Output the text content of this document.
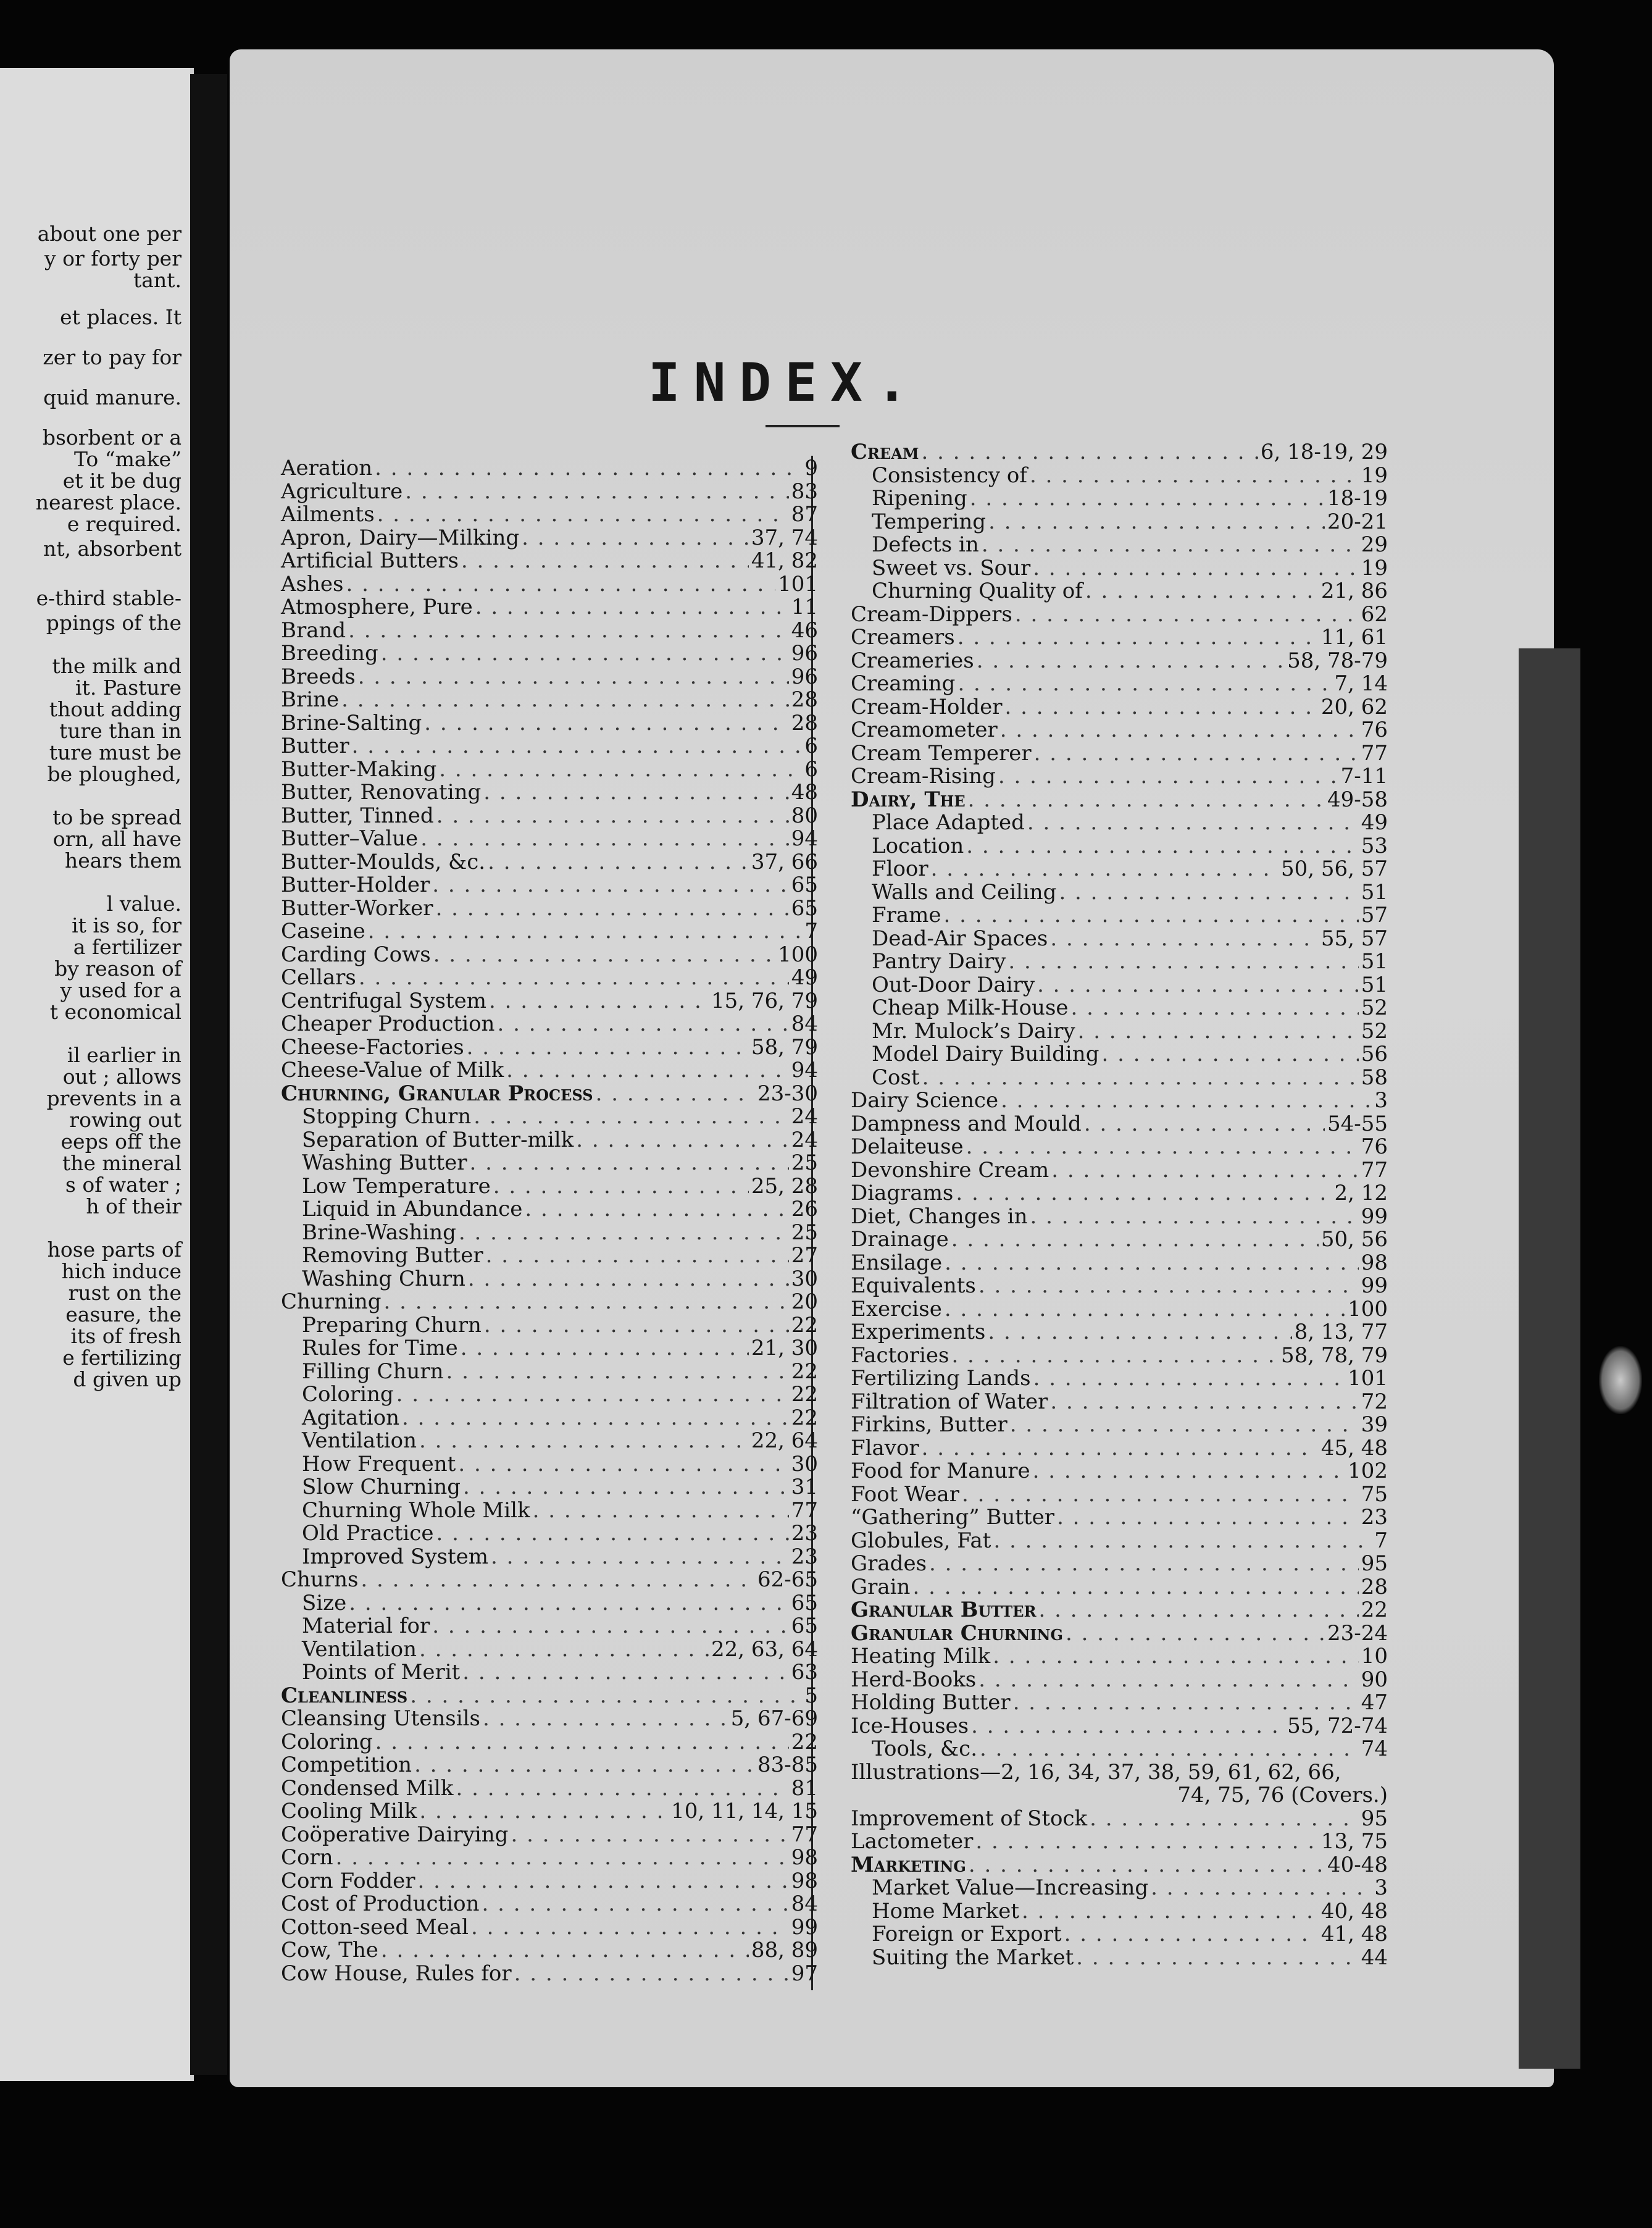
about one per
y or forty per
tant.
et places. It
zer to pay for
quid manure.
bsorbent or a
To “make”
et it be dug
nearest place.
e required.
nt, absorbent
e-third stable-
ppings of the
the milk and
it. Pasture
thout adding
ture than in
ture must be
be ploughed,
to be spread
orn, all have
hears them
l value.
it is so, for
a fertilizer
by reason of
y used for a
t economical
il earlier in
out ; allows
prevents in a
rowing out
eeps off the
the mineral
s of water ;
h of their
hose parts of
hich induce
rust on the
easure, the
its of fresh
e fertilizing
d given up
INDEX.
Aeration . . .	9
Agriculture . . .	83
Ailments . . .	87
Apron, Dairy—Milking . . .	37, 74
Artificial Butters . . .	41, 82
Ashes . . .	101
Atmosphere, Pure . . .	11
Brand . . .	46
Breeding . . .	96
Breeds . . .	96
Brine . . .	28
Brine-Salting . . .	28
Butter . . .	6
Butter-Making . . .	6
Butter, Renovating . . .	48
Butter, Tinned . . .	80
Butter–Value . . .	94
Butter-Moulds, &c. . . .	37, 66
Butter-Holder . . .	65
Butter-Worker . . .	65
Caseine . . .	7
Carding Cows . . .	100
Cellars . . .	49
Centrifugal System . . .	15, 76, 79
Cheaper Production . . .	84
Cheese-Factories . . .	58, 79
Cheese-Value of Milk . . .	94
Churning, Granular Process . . .	23-30
Stopping Churn . . .	24
Separation of Butter-milk . . .	24
Washing Butter . . .	25
Low Temperature . . .	25, 28
Liquid in Abundance . . .	26
Brine-Washing . . .	25
Removing Butter . . .	27
Washing Churn . . .	30
Churning . . .	20
Preparing Churn . . .	22
Rules for Time . . .	21, 30
Filling Churn . . .	22
Coloring . . .	22
Agitation . . .	22
Ventilation . . .	22, 64
How Frequent . . .	30
Slow Churning . . .	31
Churning Whole Milk . . .	77
Old Practice . . .	23
Improved System . . .	23
Churns . . .	62-65
Size . . .	65
Material for . . .	65
Ventilation . . .	22, 63, 64
Points of Merit . . .	63
Cleanliness . . .	5
Cleansing Utensils . . .	5, 67-69
Coloring . . .	22
Competition . . .	83-85
Condensed Milk . . .	81
Cooling Milk . . .	10, 11, 14, 15
Coöperative Dairying . . .	77
Corn . . .	98
Corn Fodder . . .	98
Cost of Production . . .	84
Cotton-seed Meal . . .	99
Cow, The . . .	88, 89
Cow House, Rules for . . .	97
Cream . . .	6, 18-19, 29
Consistency of . . .	19
Ripening . . .	18-19
Tempering . . .	20-21
Defects in . . .	29
Sweet vs. Sour . . .	19
Churning Quality of . . .	21, 86
Cream-Dippers . . .	62
Creamers . . .	11, 61
Creameries . . .	58, 78-79
Creaming . . .	7, 14
Cream-Holder . . .	20, 62
Creamometer . . .	76
Cream Temperer . . .	77
Cream-Rising . . .	7-11
Dairy, The . . .	49-58
Place Adapted . . .	49
Location . . .	53
Floor . . .	50, 56, 57
Walls and Ceiling . . .	51
Frame . . .	57
Dead-Air Spaces . . .	55, 57
Pantry Dairy . . .	51
Out-Door Dairy . . .	51
Cheap Milk-House . . .	52
Mr. Mulock’s Dairy . . .	52
Model Dairy Building . . .	56
Cost . . .	58
Dairy Science . . .	3
Dampness and Mould . . .	54-55
Delaiteuse . . .	76
Devonshire Cream . . .	77
Diagrams . . .	2, 12
Diet, Changes in . . .	99
Drainage . . .	50, 56
Ensilage . . .	98
Equivalents . . .	99
Exercise . . .	100
Experiments . . .	8, 13, 77
Factories . . .	58, 78, 79
Fertilizing Lands . . .	101
Filtration of Water . . .	72
Firkins, Butter . . .	39
Flavor . . .	45, 48
Food for Manure . . .	102
Foot Wear . . .	75
“Gathering” Butter . . .	23
Globules, Fat . . .	7
Grades . . .	95
Grain . . .	28
Granular Butter . . .	22
Granular Churning . . .	23-24
Heating Milk . . .	10
Herd-Books . . .	90
Holding Butter . . .	47
Ice-Houses . . .	55, 72-74
Tools, &c. . . .	74
Illustrations—2, 16, 34, 37, 38, 59, 61, 62, 66,
74, 75, 76 (Covers.)
Improvement of Stock . . .	95
Lactometer . . .	13, 75
Marketing . . .	40-48
Market Value—Increasing . . .	3
Home Market . . .	40, 48
Foreign or Export . . .	41, 48
Suiting the Market . . .	44
